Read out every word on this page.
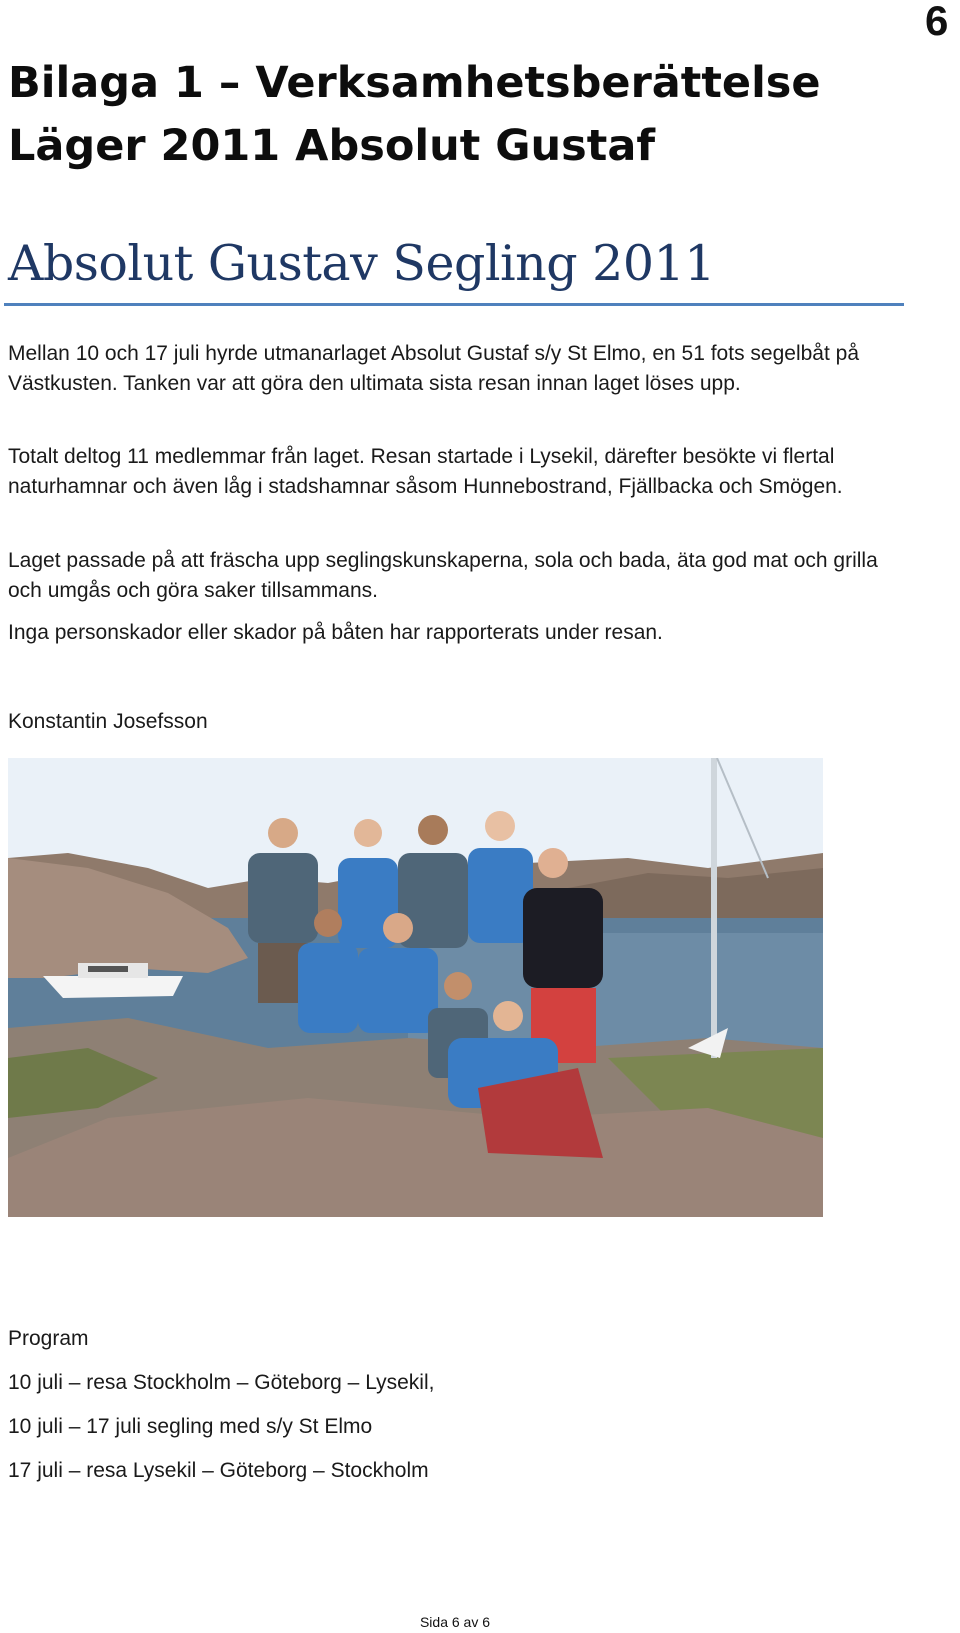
6
Bilaga 1 – Verksamhetsberättelse
Läger 2011 Absolut Gustaf
Absolut Gustav Segling 2011

Mellan 10 och 17 juli hyrde utmanarlaget Absolut Gustaf s/y St Elmo, en 51 fots segelbåt på Västkusten. Tanken var att göra den ultimata sista resan innan laget löses upp.

Totalt deltog 11 medlemmar från laget. Resan startade i Lysekil, därefter besökte vi flertal naturhamnar och även låg i stadshamnar såsom Hunnebostrand, Fjällbacka och Smögen.

Laget passade på att fräscha upp seglingskunskaperna, sola och bada, äta god mat och grilla och umgås och göra saker tillsammans.

Inga personskador eller skador på båten har rapporterats under resan.

Konstantin Josefsson

Program

10 juli – resa Stockholm – Göteborg – Lysekil,
10 juli – 17 juli segling med s/y St Elmo
17 juli – resa Lysekil – Göteborg – Stockholm
Sida 6 av 6
